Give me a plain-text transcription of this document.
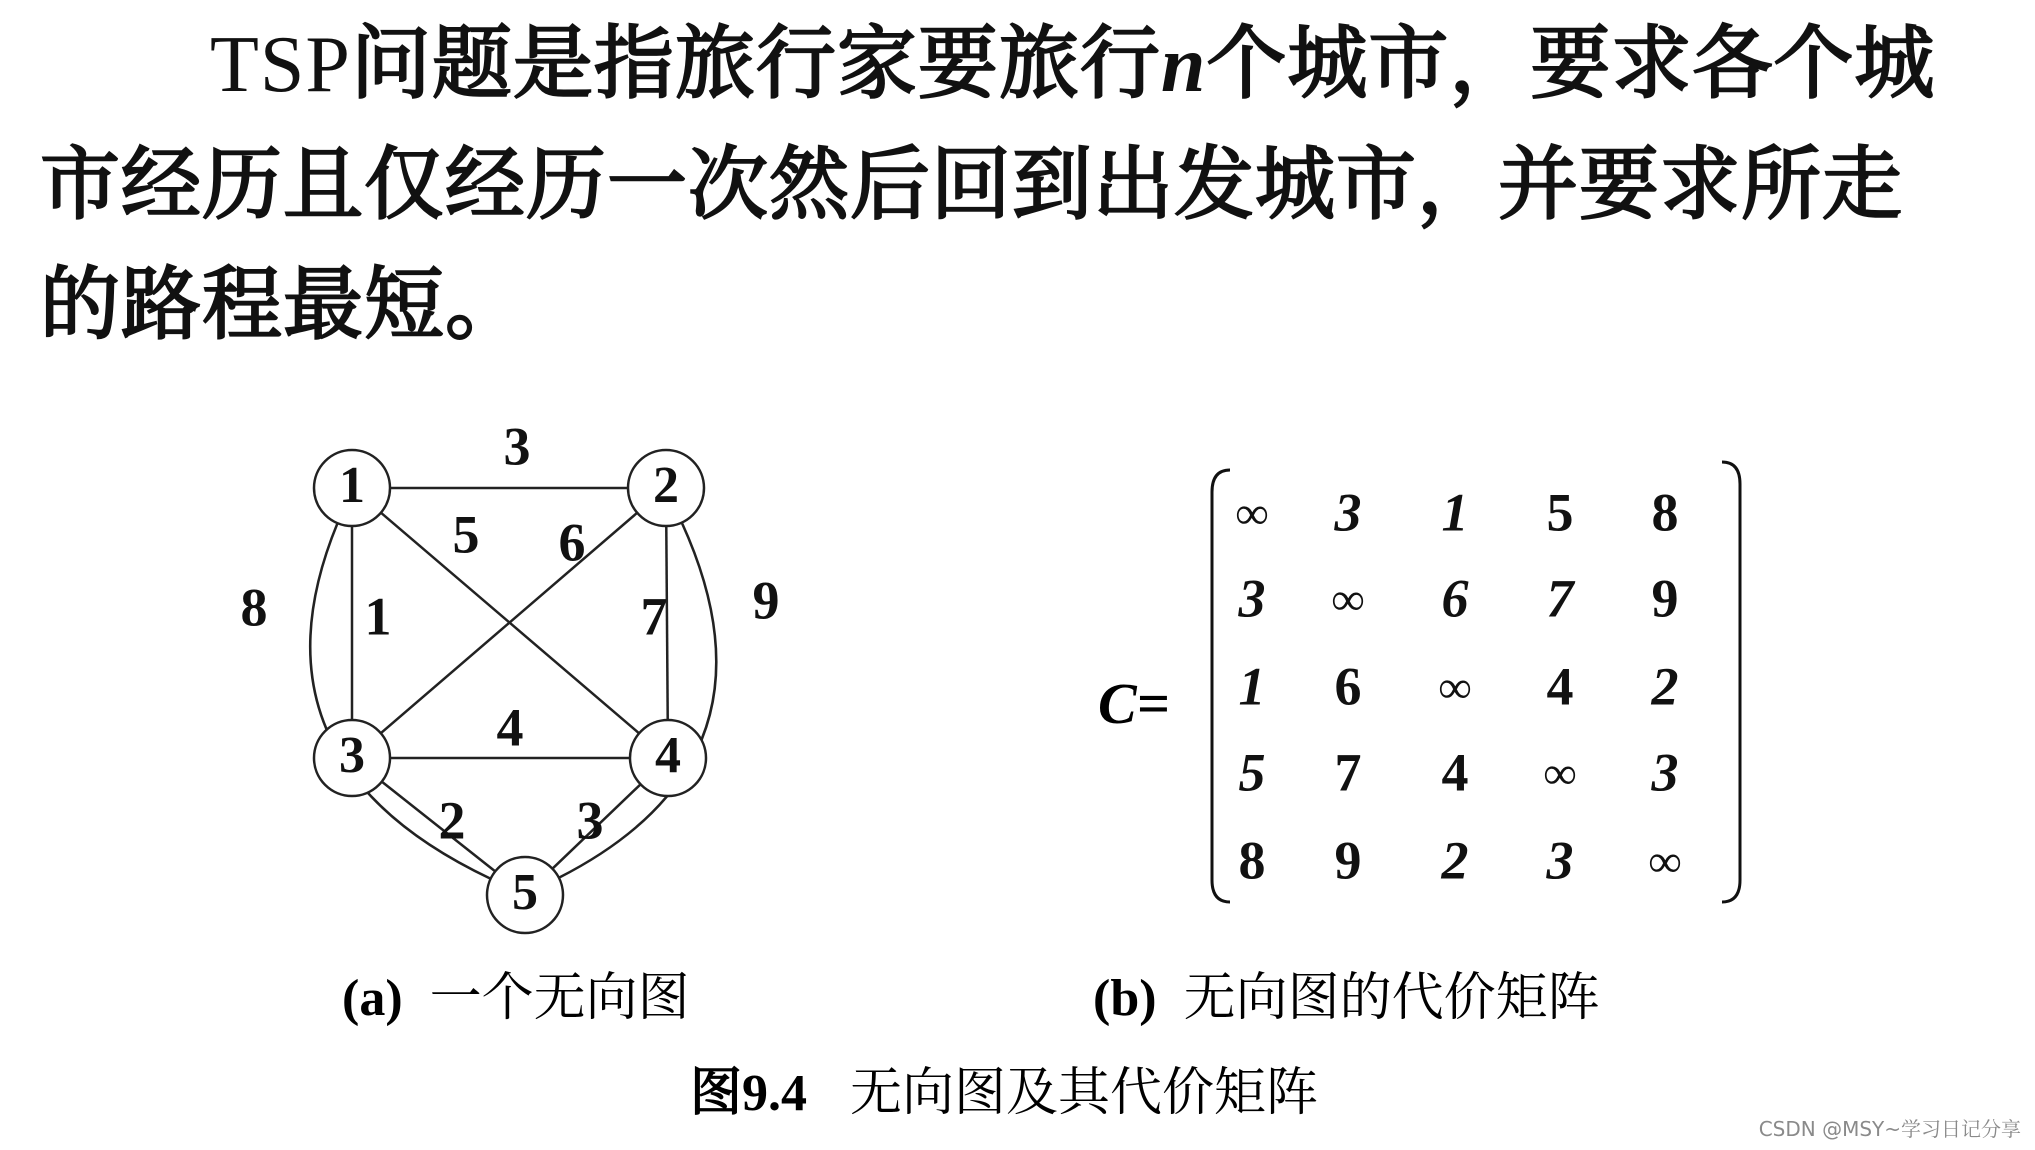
TSP问题是指旅行家要旅行n个城市，要求各个城
市经历且仅经历一次然后回到出发城市，并要求所走
的路程最短。
3
1
5
8
6
7 9
4
2 3
1	2
3	4
5
C=
∞ 3 1 5 8
3 ∞ 6 7 9
1 6 ∞ 4 2
5 7 4 ∞ 3
8 9 2 3 ∞
(a) 一个无向图	(b) 无向图的代价矩阵
图9.4 无向图及其代价矩阵
CSDN @MSY~学习日记分享
